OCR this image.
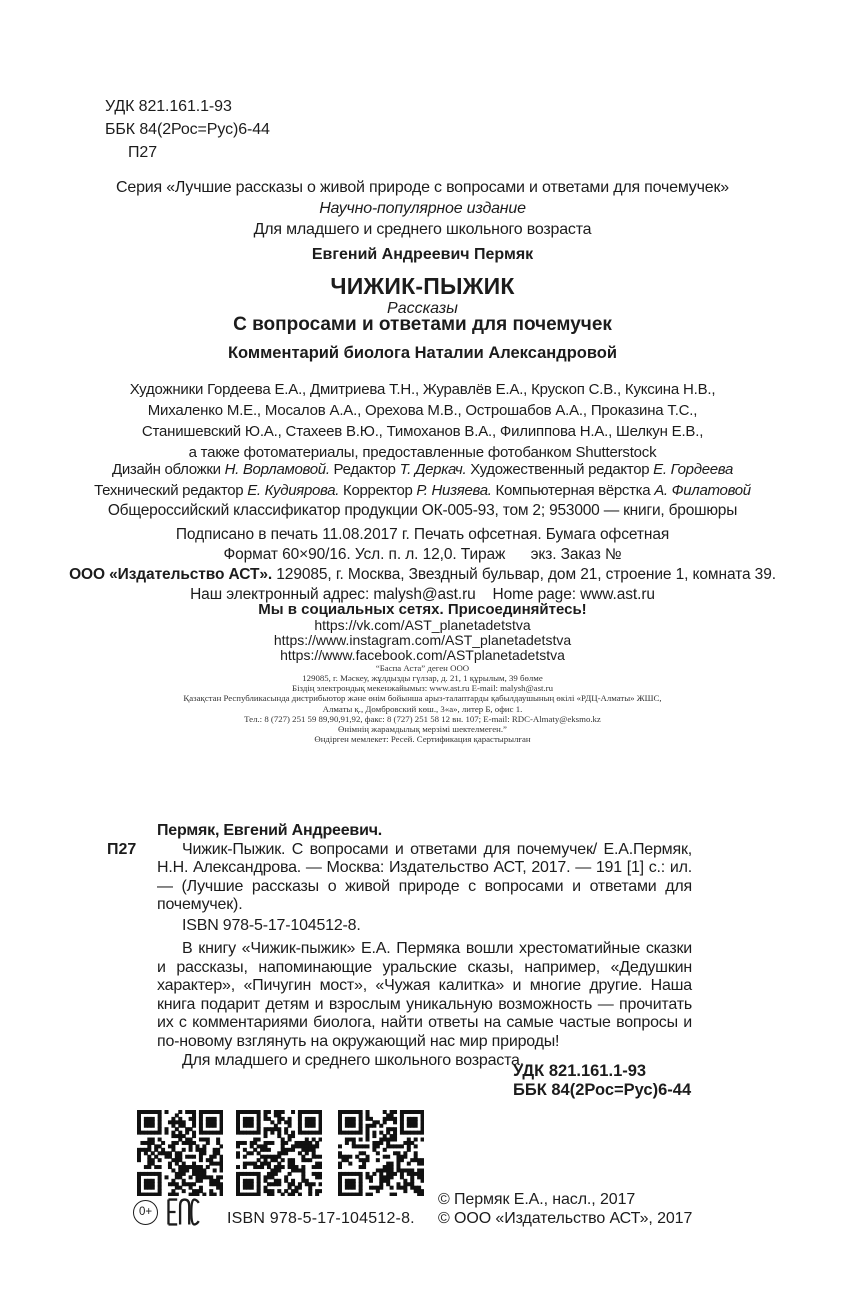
УДК 821.161.1-93
ББК 84(2Рос=Рус)6-44
П27
Серия «Лучшие рассказы о живой природе с вопросами и ответами для почемучек»
Научно-популярное издание
Для младшего и среднего школьного возраста
Евгений Андреевич Пермяк
ЧИЖИК-ПЫЖИК
Рассказы
С вопросами и ответами для почемучек
Комментарий биолога Наталии Александровой
Художники Гордеева Е.А., Дмитриева Т.Н., Журавлёв Е.А., Крускоп С.В., Куксина Н.В.,
Михаленко М.Е., Мосалов А.А., Орехова М.В., Острошабов А.А., Проказина Т.С.,
Станишевский Ю.А., Стахеев В.Ю., Тимоханов В.А., Филиппова Н.А., Шелкун Е.В.,
а также фотоматериалы, предоставленные фотобанком Shutterstock
Дизайн обложки Н. Ворламовой. Редактор Т. Деркач. Художественный редактор Е. Гордеева
Технический редактор Е. Кудиярова. Корректор Р. Низяева. Компьютерная вёрстка А. Филатовой
Общероссийский классификатор продукции ОК-005-93, том 2; 953000 — книги, брошюры
Подписано в печать 11.08.2017 г. Печать офсетная. Бумага офсетная
Формат 60×90/16. Усл. п. л. 12,0. Тираж      экз. Заказ №
ООО «Издательство АСТ». 129085, г. Москва, Звездный бульвар, дом 21, строение 1, комната 39.
Наш электронный адрес: malysh@ast.ru    Home page: www.ast.ru
Мы в социальных сетях. Присоединяйтесь!
https://vk.com/AST_planetadetstva
https://www.instagram.com/AST_planetadetstva
https://www.facebook.com/ASTplanetadetstva
“Баспа Аста” деген ООО
129085, г. Мәскеу, жұлдызды гүлзар, д. 21, 1 құрылым, 39 бөлме
Біздің электрондық мекенжайымыз: www.ast.ru E-mail: malysh@ast.ru
Қазақстан Республикасында дистрибьютор және өнім бойынша арыз-талаптарды қабылдаушының өкілі «РДЦ-Алматы» ЖШС,
Алматы қ., Домбровский көш., 3«а», литер Б, офис 1.
Тел.: 8 (727) 251 59 89,90,91,92, факс: 8 (727) 251 58 12 вн. 107; E-mail: RDC-Almaty@eksmo.kz
Өнімнің жарамдылық мерзімі шектелмеген.”
Өндірген мемлекет: Ресей. Сертификация қарастырылған
П27
Пермяк, Евгений Андреевич.

Чижик-Пыжик. С вопросами и ответами для почемучек/ Е.А.Пермяк, Н.Н. Александрова. — Москва: Издательство АСТ, 2017. — 191 [1] с.: ил. — (Лучшие рассказы о живой природе с вопросами и ответами для почемучек).

ISBN 978-5-17-104512-8.

В книгу «Чижик-пыжик» Е.А. Пермяка вошли хрестоматийные сказки и рассказы, напоминающие уральские сказы, например, «Дедушкин характер», «Пичугин мост», «Чужая калитка» и многие другие. Наша книга подарит детям и взрослым уникальную возможность — прочитать их с комментариями биолога, найти ответы на самые частые вопросы и по-новому взглянуть на окружающий нас мир природы!

Для младшего и среднего школьного возраста.

УДК 821.161.1-93
ББК 84(2Рос=Рус)6-44
0+	ISBN 978-5-17-104512-8.
© Пермяк Е.А., насл., 2017
© ООО «Издательство АСТ», 2017
